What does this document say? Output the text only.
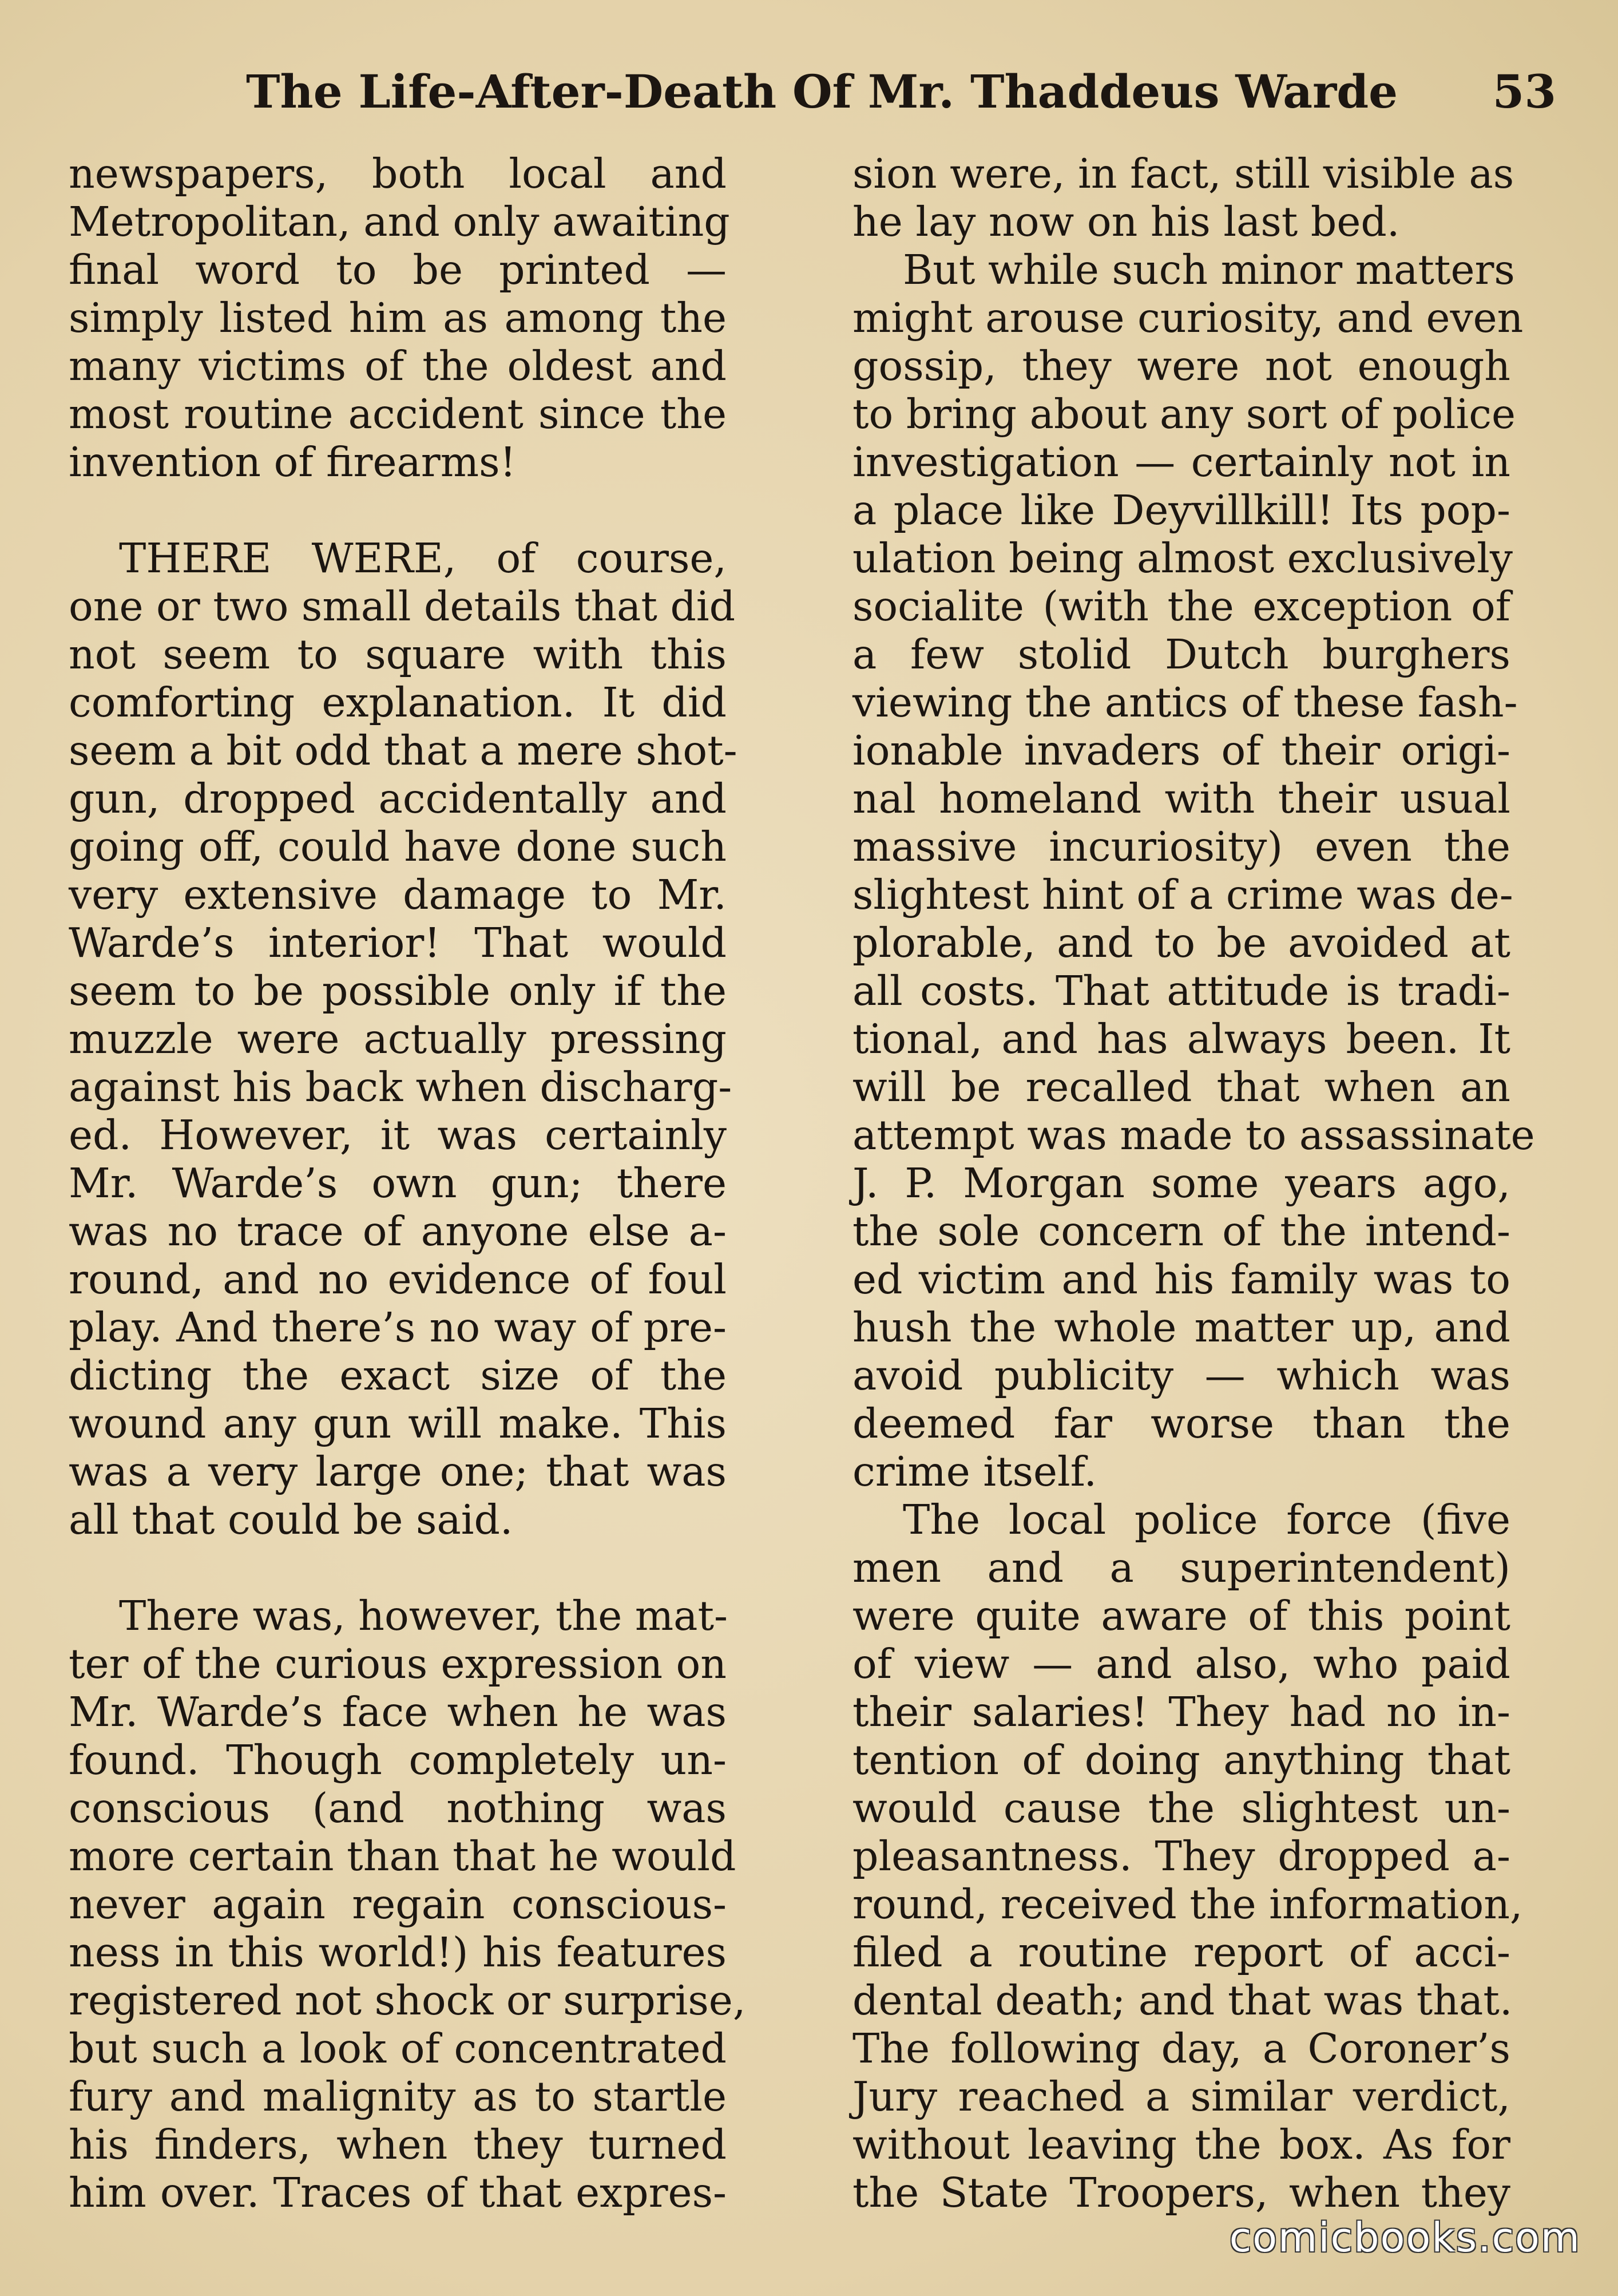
The Life-After-Death Of Mr. Thaddeus Warde 53
newspapers, both local and
Metropolitan, and only awaiting
final word to be printed —
simply listed him as among the
many victims of the oldest and
most routine accident since the
invention of firearms!
THERE WERE, of course,
one or two small details that did
not seem to square with this
comforting explanation. It did
seem a bit odd that a mere shot-
gun, dropped accidentally and
going off, could have done such
very extensive damage to Mr.
Warde’s interior! That would
seem to be possible only if the
muzzle were actually pressing
against his back when discharg-
ed. However, it was certainly
Mr. Warde’s own gun; there
was no trace of anyone else a-
round, and no evidence of foul
play. And there’s no way of pre-
dicting the exact size of the
wound any gun will make. This
was a very large one; that was
all that could be said.
There was, however, the mat-
ter of the curious expression on
Mr. Warde’s face when he was
found. Though completely un-
conscious (and nothing was
more certain than that he would
never again regain conscious-
ness in this world!) his features
registered not shock or surprise,
but such a look of concentrated
fury and malignity as to startle
his finders, when they turned
him over. Traces of that expres-
sion were, in fact, still visible as
he lay now on his last bed.
But while such minor matters
might arouse curiosity, and even
gossip, they were not enough
to bring about any sort of police
investigation — certainly not in
a place like Deyvillkill! Its pop-
ulation being almost exclusively
socialite (with the exception of
a few stolid Dutch burghers
viewing the antics of these fash-
ionable invaders of their origi-
nal homeland with their usual
massive incuriosity) even the
slightest hint of a crime was de-
plorable, and to be avoided at
all costs. That attitude is tradi-
tional, and has always been. It
will be recalled that when an
attempt was made to assassinate
J. P. Morgan some years ago,
the sole concern of the intend-
ed victim and his family was to
hush the whole matter up, and
avoid publicity — which was
deemed far worse than the
crime itself.
The local police force (five
men and a superintendent)
were quite aware of this point
of view — and also, who paid
their salaries! They had no in-
tention of doing anything that
would cause the slightest un-
pleasantness. They dropped a-
round, received the information,
filed a routine report of acci-
dental death; and that was that.
The following day, a Coroner’s
Jury reached a similar verdict,
without leaving the box. As for
the State Troopers, when they
comicbooks.com
